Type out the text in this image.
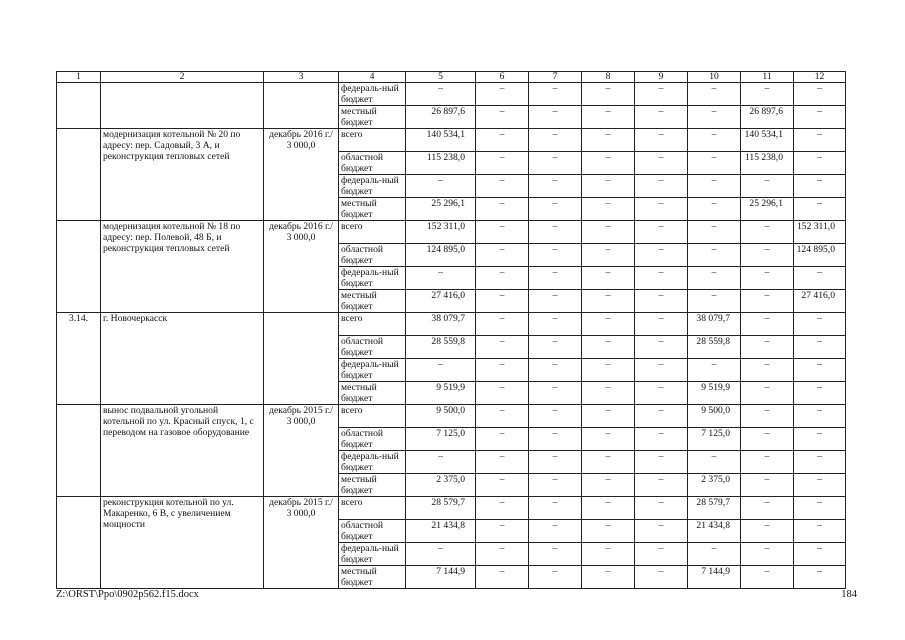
1	2	3	4	5	6	7	8	9	10	11	12
			федераль-ный бюджет	–	–	–	–	–	–	–	–
			местный бюджет	26 897,6	–	–	–	–	–	26 897,6	–
	модернизация котельной № 20 по адресу: пер. Садовый, 3 А, и реконструкция тепловых сетей	декабрь 2016 г./ 3 000,0	всего	140 534,1	–	–	–	–	–	140 534,1	–
			областной бюджет	115 238,0	–	–	–	–	–	115 238,0	–
			федераль-ный бюджет	–	–	–	–	–	–	–	–
			местный бюджет	25 296,1	–	–	–	–	–	25 296,1	–
	модернизация котельной № 18 по адресу: пер. Полевой, 48 Б, и реконструкция тепловых сетей	декабрь 2016 г./ 3 000,0	всего	152 311,0	–	–	–	–	–	–	152 311,0
			областной бюджет	124 895,0	–	–	–	–	–	–	124 895,0
			федераль-ный бюджет	–	–	–	–	–	–	–	–
			местный бюджет	27 416,0	–	–	–	–	–	–	27 416,0
3.14.	г. Новочеркасск		всего	38 079,7	–	–	–	–	38 079,7	–	–
			областной бюджет	28 559,8	–	–	–	–	28 559,8	–	–
			федераль-ный бюджет	–	–	–	–	–	–	–	–
			местный бюджет	9 519,9	–	–	–	–	9 519,9	–	–
	вынос подвальной угольной котельной по ул. Красный спуск, 1, с переводом на газовое оборудование	декабрь 2015 г./ 3 000,0	всего	9 500,0	–	–	–	–	9 500,0	–	–
			областной бюджет	7 125,0	–	–	–	–	7 125,0	–	–
			федераль-ный бюджет	–	–	–	–	–	–	–	–
			местный бюджет	2 375,0	–	–	–	–	2 375,0	–	–
	реконструкция котельной по ул. Макаренко, 6 В, с увеличением мощности	декабрь 2015 г./ 3 000,0	всего	28 579,7	–	–	–	–	28 579,7	–	–
			областной бюджет	21 434,8	–	–	–	–	21 434,8	–	–
			федераль-ный бюджет	–	–	–	–	–	–	–	–
			местный бюджет	7 144,9	–	–	–	–	7 144,9	–	–
Z:\ORST\Ppo\0902p562.f15.docx	184
